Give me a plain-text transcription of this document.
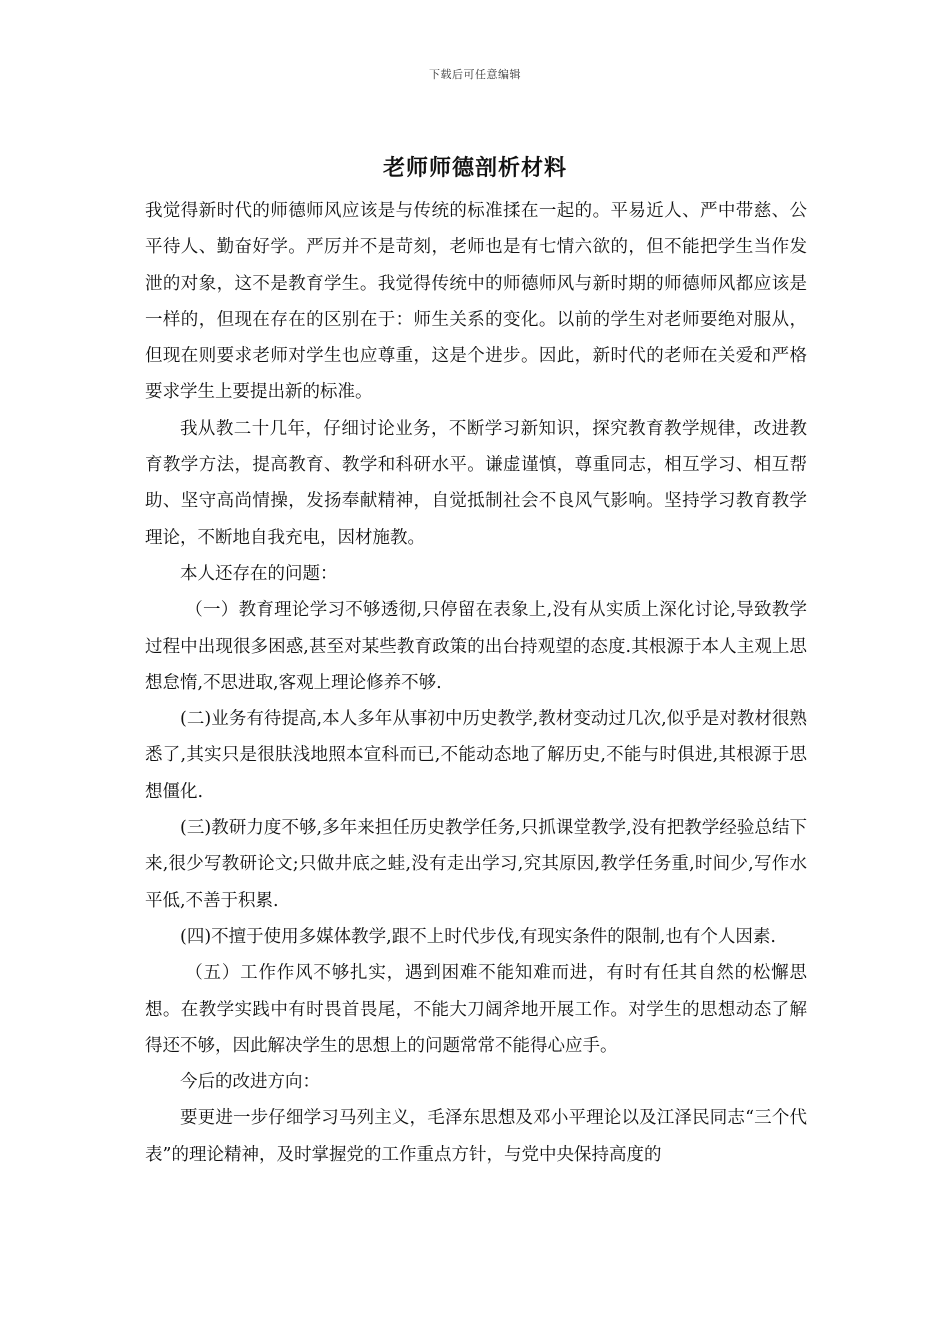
下载后可任意编辑
老师师德剖析材料

我觉得新时代的师德师风应该是与传统的标准揉在一起的。平易近人、严中带慈、公平待人、勤奋好学。严厉并不是苛刻，老师也是有七情六欲的，但不能把学生当作发泄的对象，这不是教育学生。我觉得传统中的师德师风与新时期的师德师风都应该是一样的，但现在存在的区别在于：师生关系的变化。以前的学生对老师要绝对服从，但现在则要求老师对学生也应尊重，这是个进步。因此，新时代的老师在关爱和严格要求学生上要提出新的标准。

我从教二十几年，仔细讨论业务，不断学习新知识，探究教育教学规律，改进教育教学方法，提高教育、教学和科研水平。谦虚谨慎，尊重同志，相互学习、相互帮助、坚守高尚情操，发扬奉献精神，自觉抵制社会不良风气影响。坚持学习教育教学理论，不断地自我充电，因材施教。

本人还存在的问题：

（一）教育理论学习不够透彻,只停留在表象上,没有从实质上深化讨论,导致教学过程中出现很多困惑,甚至对某些教育政策的出台持观望的态度.其根源于本人主观上思想怠惰,不思进取,客观上理论修养不够.

(二)业务有待提高,本人多年从事初中历史教学,教材变动过几次,似乎是对教材很熟悉了,其实只是很肤浅地照本宣科而已,不能动态地了解历史,不能与时俱进,其根源于思想僵化.

(三)教研力度不够,多年来担任历史教学任务,只抓课堂教学,没有把教学经验总结下来,很少写教研论文;只做井底之蛙,没有走出学习,究其原因,教学任务重,时间少,写作水平低,不善于积累.

(四)不擅于使用多媒体教学,跟不上时代步伐,有现实条件的限制,也有个人因素.

（五）工作作风不够扎实，遇到困难不能知难而进，有时有任其自然的松懈思想。在教学实践中有时畏首畏尾，不能大刀阔斧地开展工作。对学生的思想动态了解得还不够，因此解决学生的思想上的问题常常不能得心应手。

今后的改进方向：

要更进一步仔细学习马列主义，毛泽东思想及邓小平理论以及江泽民同志“三个代表”的理论精神，及时掌握党的工作重点方针，与党中央保持高度的
